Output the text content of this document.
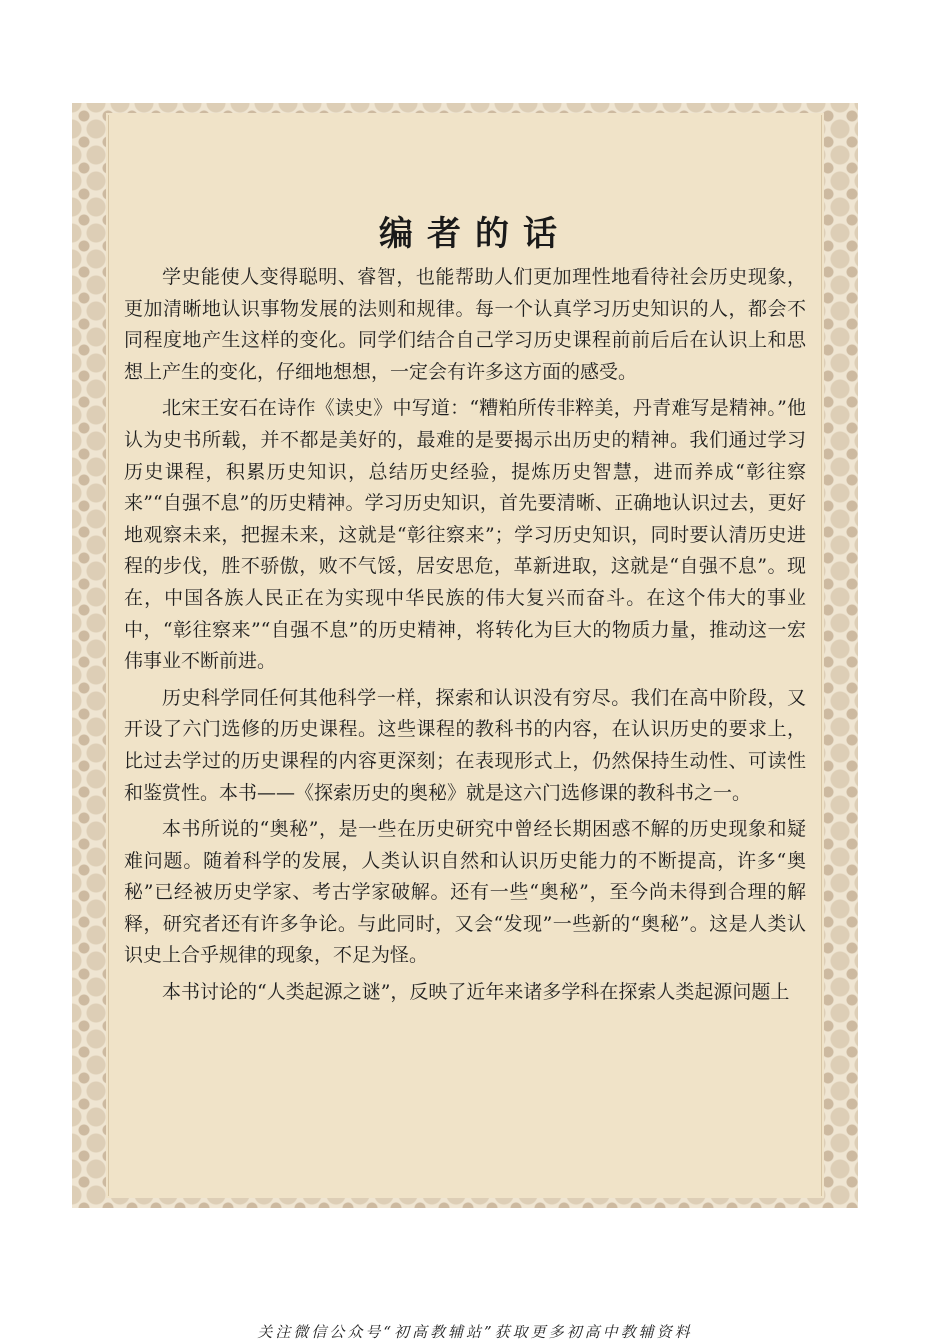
编者的话

学史能使人变得聪明、睿智，也能帮助人们更加理性地看待社会历史现象，更加清晰地认识事物发展的法则和规律。每一个认真学习历史知识的人，都会不同程度地产生这样的变化。同学们结合自己学习历史课程前前后后在认识上和思想上产生的变化，仔细地想想，一定会有许多这方面的感受。

北宋王安石在诗作《读史》中写道：“糟粕所传非粹美，丹青难写是精神。”他认为史书所载，并不都是美好的，最难的是要揭示出历史的精神。我们通过学习历史课程，积累历史知识，总结历史经验，提炼历史智慧，进而养成“彰往察来”“自强不息”的历史精神。学习历史知识，首先要清晰、正确地认识过去，更好地观察未来，把握未来，这就是“彰往察来”；学习历史知识，同时要认清历史进程的步伐，胜不骄傲，败不气馁，居安思危，革新进取，这就是“自强不息”。现在，中国各族人民正在为实现中华民族的伟大复兴而奋斗。在这个伟大的事业中，“彰往察来”“自强不息”的历史精神，将转化为巨大的物质力量，推动这一宏伟事业不断前进。

历史科学同任何其他科学一样，探索和认识没有穷尽。我们在高中阶段，又开设了六门选修的历史课程。这些课程的教科书的内容，在认识历史的要求上，比过去学过的历史课程的内容更深刻；在表现形式上，仍然保持生动性、可读性和鉴赏性。本书——《探索历史的奥秘》就是这六门选修课的教科书之一。

本书所说的“奥秘”，是一些在历史研究中曾经长期困惑不解的历史现象和疑难问题。随着科学的发展，人类认识自然和认识历史能力的不断提高，许多“奥秘”已经被历史学家、考古学家破解。还有一些“奥秘”，至今尚未得到合理的解释，研究者还有许多争论。与此同时，又会“发现”一些新的“奥秘”。这是人类认识史上合乎规律的现象，不足为怪。

本书讨论的“人类起源之谜”，反映了近年来诸多学科在探索人类起源问题上

关注微信公众号“初高教辅站”获取更多初高中教辅资料
